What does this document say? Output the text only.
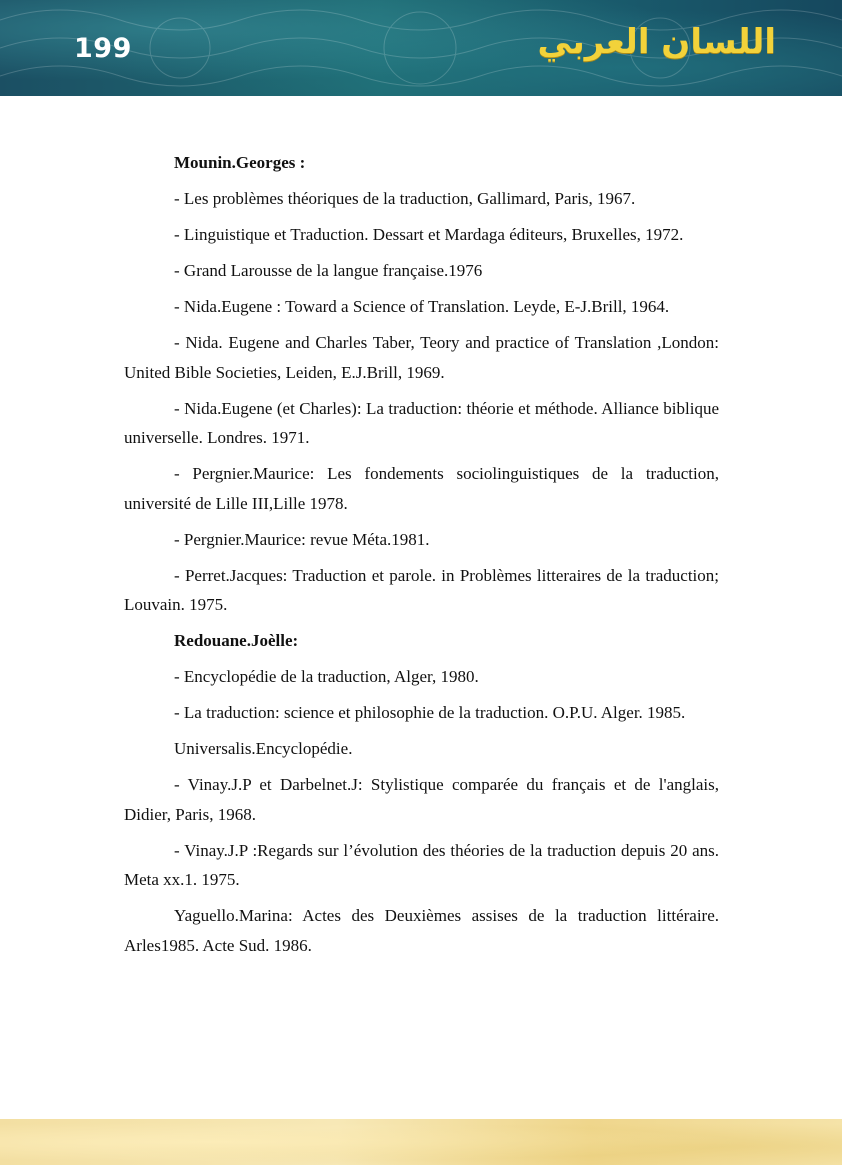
199	اللسان العربي

Mounin.Georges :

- Les problèmes théoriques de la traduction, Gallimard, Paris, 1967.

- Linguistique et Traduction. Dessart et Mardaga éditeurs, Bruxelles, 1972.

- Grand Larousse de la langue française.1976

- Nida.Eugene : Toward a Science of Translation. Leyde, E-J.Brill, 1964.

- Nida. Eugene and Charles Taber, Teory and practice of Translation ,London: United Bible Societies, Leiden, E.J.Brill, 1969.

- Nida.Eugene (et Charles): La traduction: théorie et méthode. Alliance biblique universelle. Londres. 1971.

- Pergnier.Maurice: Les fondements sociolinguistiques de la traduction, université de Lille III,Lille 1978.

- Pergnier.Maurice: revue Méta.1981.

- Perret.Jacques: Traduction et parole. in Problèmes litteraires de la traduction; Louvain. 1975.

Redouane.Joèlle:

- Encyclopédie de la traduction, Alger, 1980.

- La traduction: science et philosophie de la traduction. O.P.U. Alger. 1985.

Universalis.Encyclopédie.

- Vinay.J.P et Darbelnet.J: Stylistique comparée du français et de l'anglais, Didier, Paris, 1968.

- Vinay.J.P :Regards sur l’évolution des théories de la traduction depuis 20 ans. Meta xx.1. 1975.

Yaguello.Marina: Actes des Deuxièmes assises de la traduction littéraire. Arles1985. Acte Sud. 1986.
